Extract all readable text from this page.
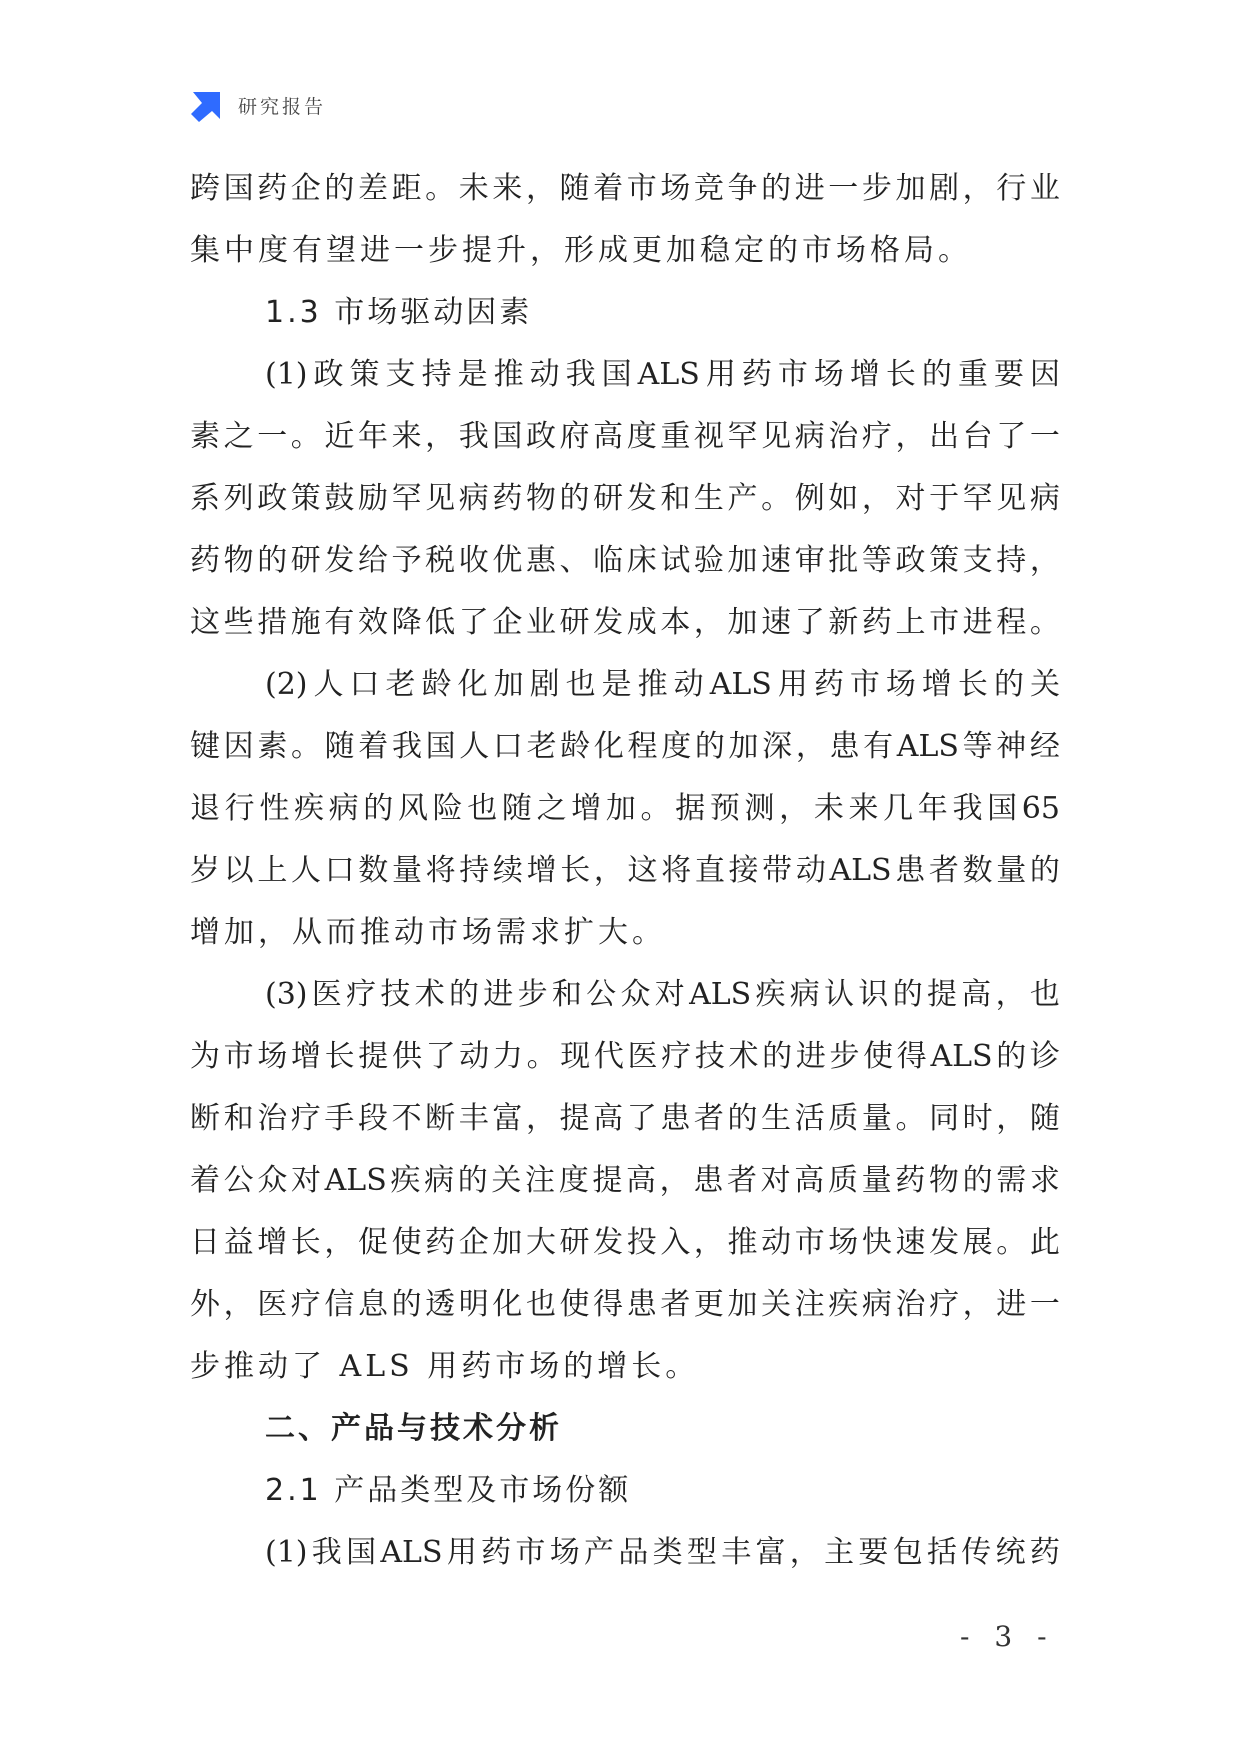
研究报告
跨 国 药 企 的 差 距 。 未 来 ， 随 着 市 场 竞 争 的 进 一 步 加 剧 ， 行 业
集中度有望进一步提升，形成更加稳定的市场格局。
1.3 市场驱动因素
(1) 政 策 支 持 是 推 动 我 国 ALS 用 药 市 场 增 长 的 重 要 因
素 之 一 。 近 年 来 ， 我 国 政 府 高 度 重 视 罕 见 病 治 疗 ， 出 台 了 一
系 列 政 策 鼓 励 罕 见 病 药 物 的 研 发 和 生 产 。 例 如 ， 对 于 罕 见 病
药 物 的 研 发 给 予 税 收 优 惠 、 临 床 试 验 加 速 审 批 等 政 策 支 持 ，
这 些 措 施 有 效 降 低 了 企 业 研 发 成 本 ， 加 速 了 新 药 上 市 进 程 。
(2) 人 口 老 龄 化 加 剧 也 是 推 动 ALS 用 药 市 场 增 长 的 关
键 因 素 。 随 着 我 国 人 口 老 龄 化 程 度 的 加 深 ， 患 有 ALS 等 神 经
退 行 性 疾 病 的 风 险 也 随 之 增 加 。 据 预 测 ， 未 来 几 年 我 国 65
岁 以 上 人 口 数 量 将 持 续 增 长 ， 这 将 直 接 带 动 ALS 患 者 数 量 的
增加，从而推动市场需求扩大。
(3) 医 疗 技 术 的 进 步 和 公 众 对 ALS 疾 病 认 识 的 提 高 ， 也
为 市 场 增 长 提 供 了 动 力 。 现 代 医 疗 技 术 的 进 步 使 得 ALS 的 诊
断 和 治 疗 手 段 不 断 丰 富 ， 提 高 了 患 者 的 生 活 质 量 。 同 时 ， 随
着 公 众 对 ALS 疾 病 的 关 注 度 提 高 ， 患 者 对 高 质 量 药 物 的 需 求
日 益 增 长 ， 促 使 药 企 加 大 研 发 投 入 ， 推 动 市 场 快 速 发 展 。 此
外 ， 医 疗 信 息 的 透 明 化 也 使 得 患 者 更 加 关 注 疾 病 治 疗 ， 进 一
步推动了 ALS 用药市场的增长。
二、产品与技术分析
2.1 产品类型及市场份额
(1) 我 国 ALS 用 药 市 场 产 品 类 型 丰 富 ， 主 要 包 括 传 统 药
- 3 -
